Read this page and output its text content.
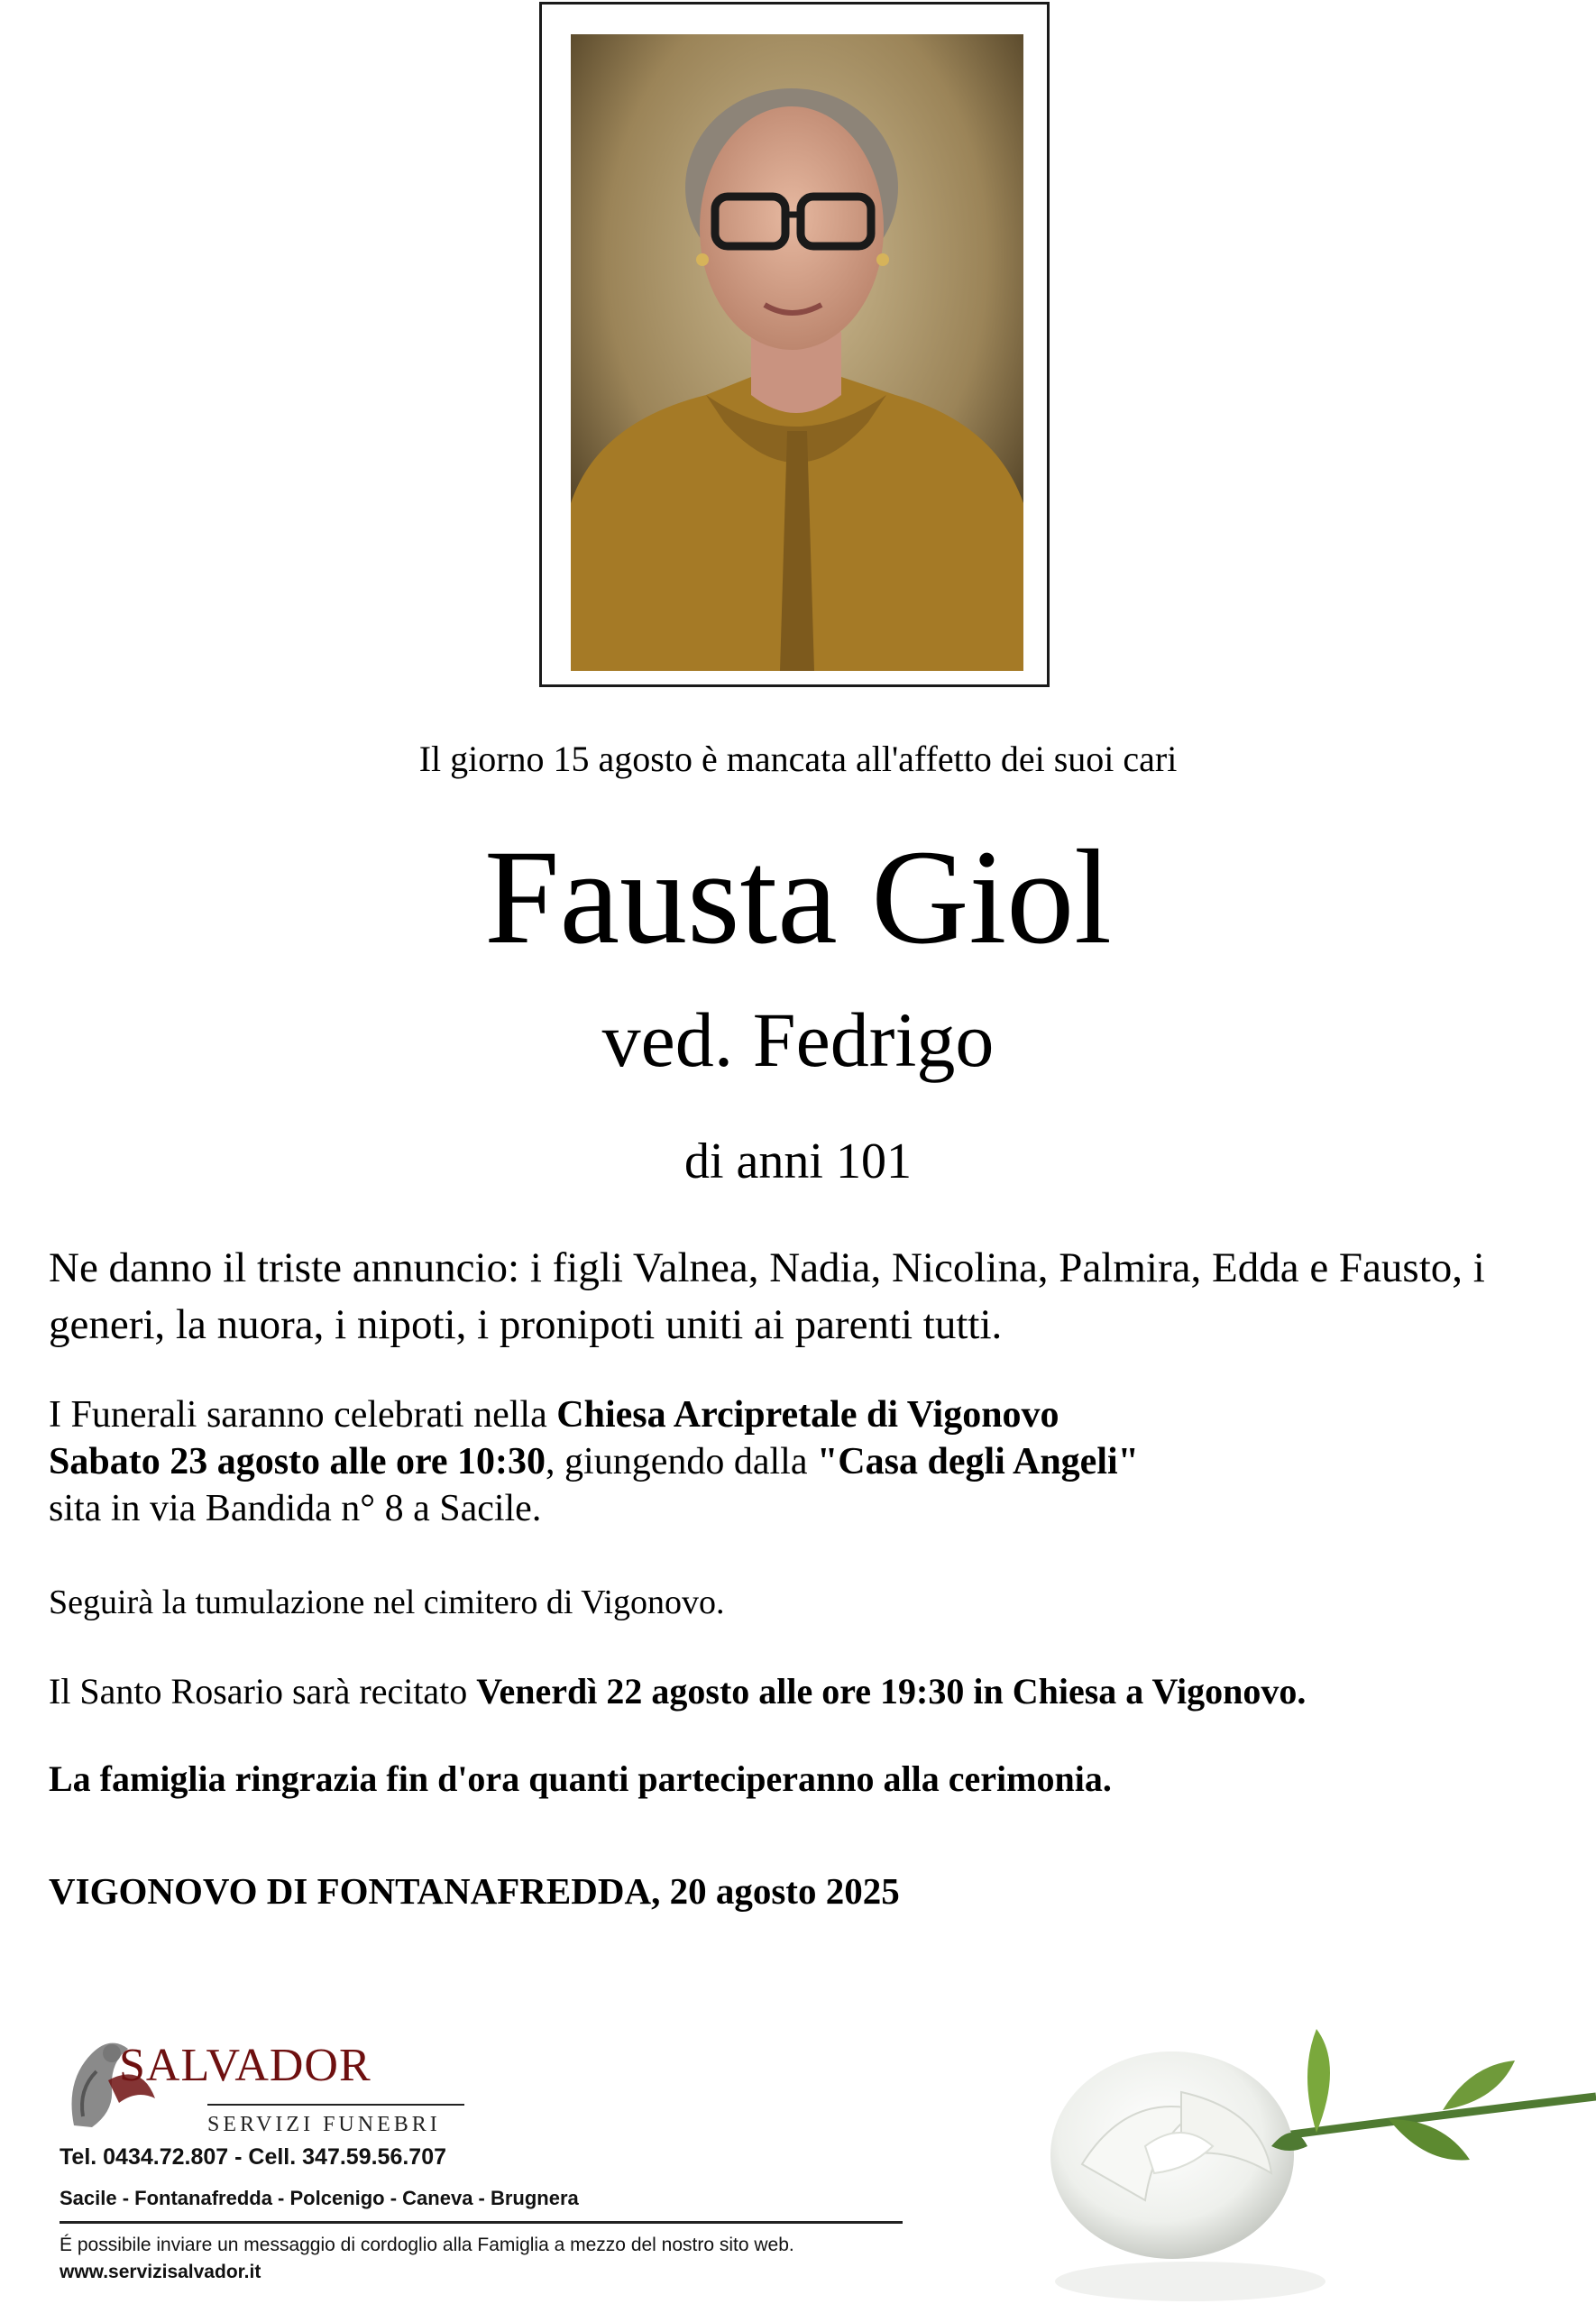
Il giorno 15 agosto è mancata all'affetto dei suoi cari
Fausta Giol
ved. Fedrigo
di anni 101
Ne danno il triste annuncio: i figli Valnea, Nadia, Nicolina, Palmira, Edda e Fausto, i generi, la nuora, i nipoti, i pronipoti uniti ai parenti tutti.
I Funerali saranno celebrati nella Chiesa Arcipretale di Vigonovo
Sabato 23 agosto alle ore 10:30, giungendo dalla "Casa degli Angeli"
sita in via Bandida n° 8 a Sacile.
Seguirà la tumulazione nel cimitero di Vigonovo.
Il Santo Rosario sarà recitato Venerdì 22 agosto alle ore 19:30 in Chiesa a Vigonovo.
La famiglia ringrazia fin d'ora quanti parteciperanno alla cerimonia.
VIGONOVO DI FONTANAFREDDA, 20 agosto 2025
SALVADOR
SERVIZI FUNEBRI
Tel. 0434.72.807 - Cell. 347.59.56.707
Sacile - Fontanafredda - Polcenigo - Caneva - Brugnera
É possibile inviare un messaggio di cordoglio alla Famiglia a mezzo del nostro sito web.
www.servizisalvador.it
